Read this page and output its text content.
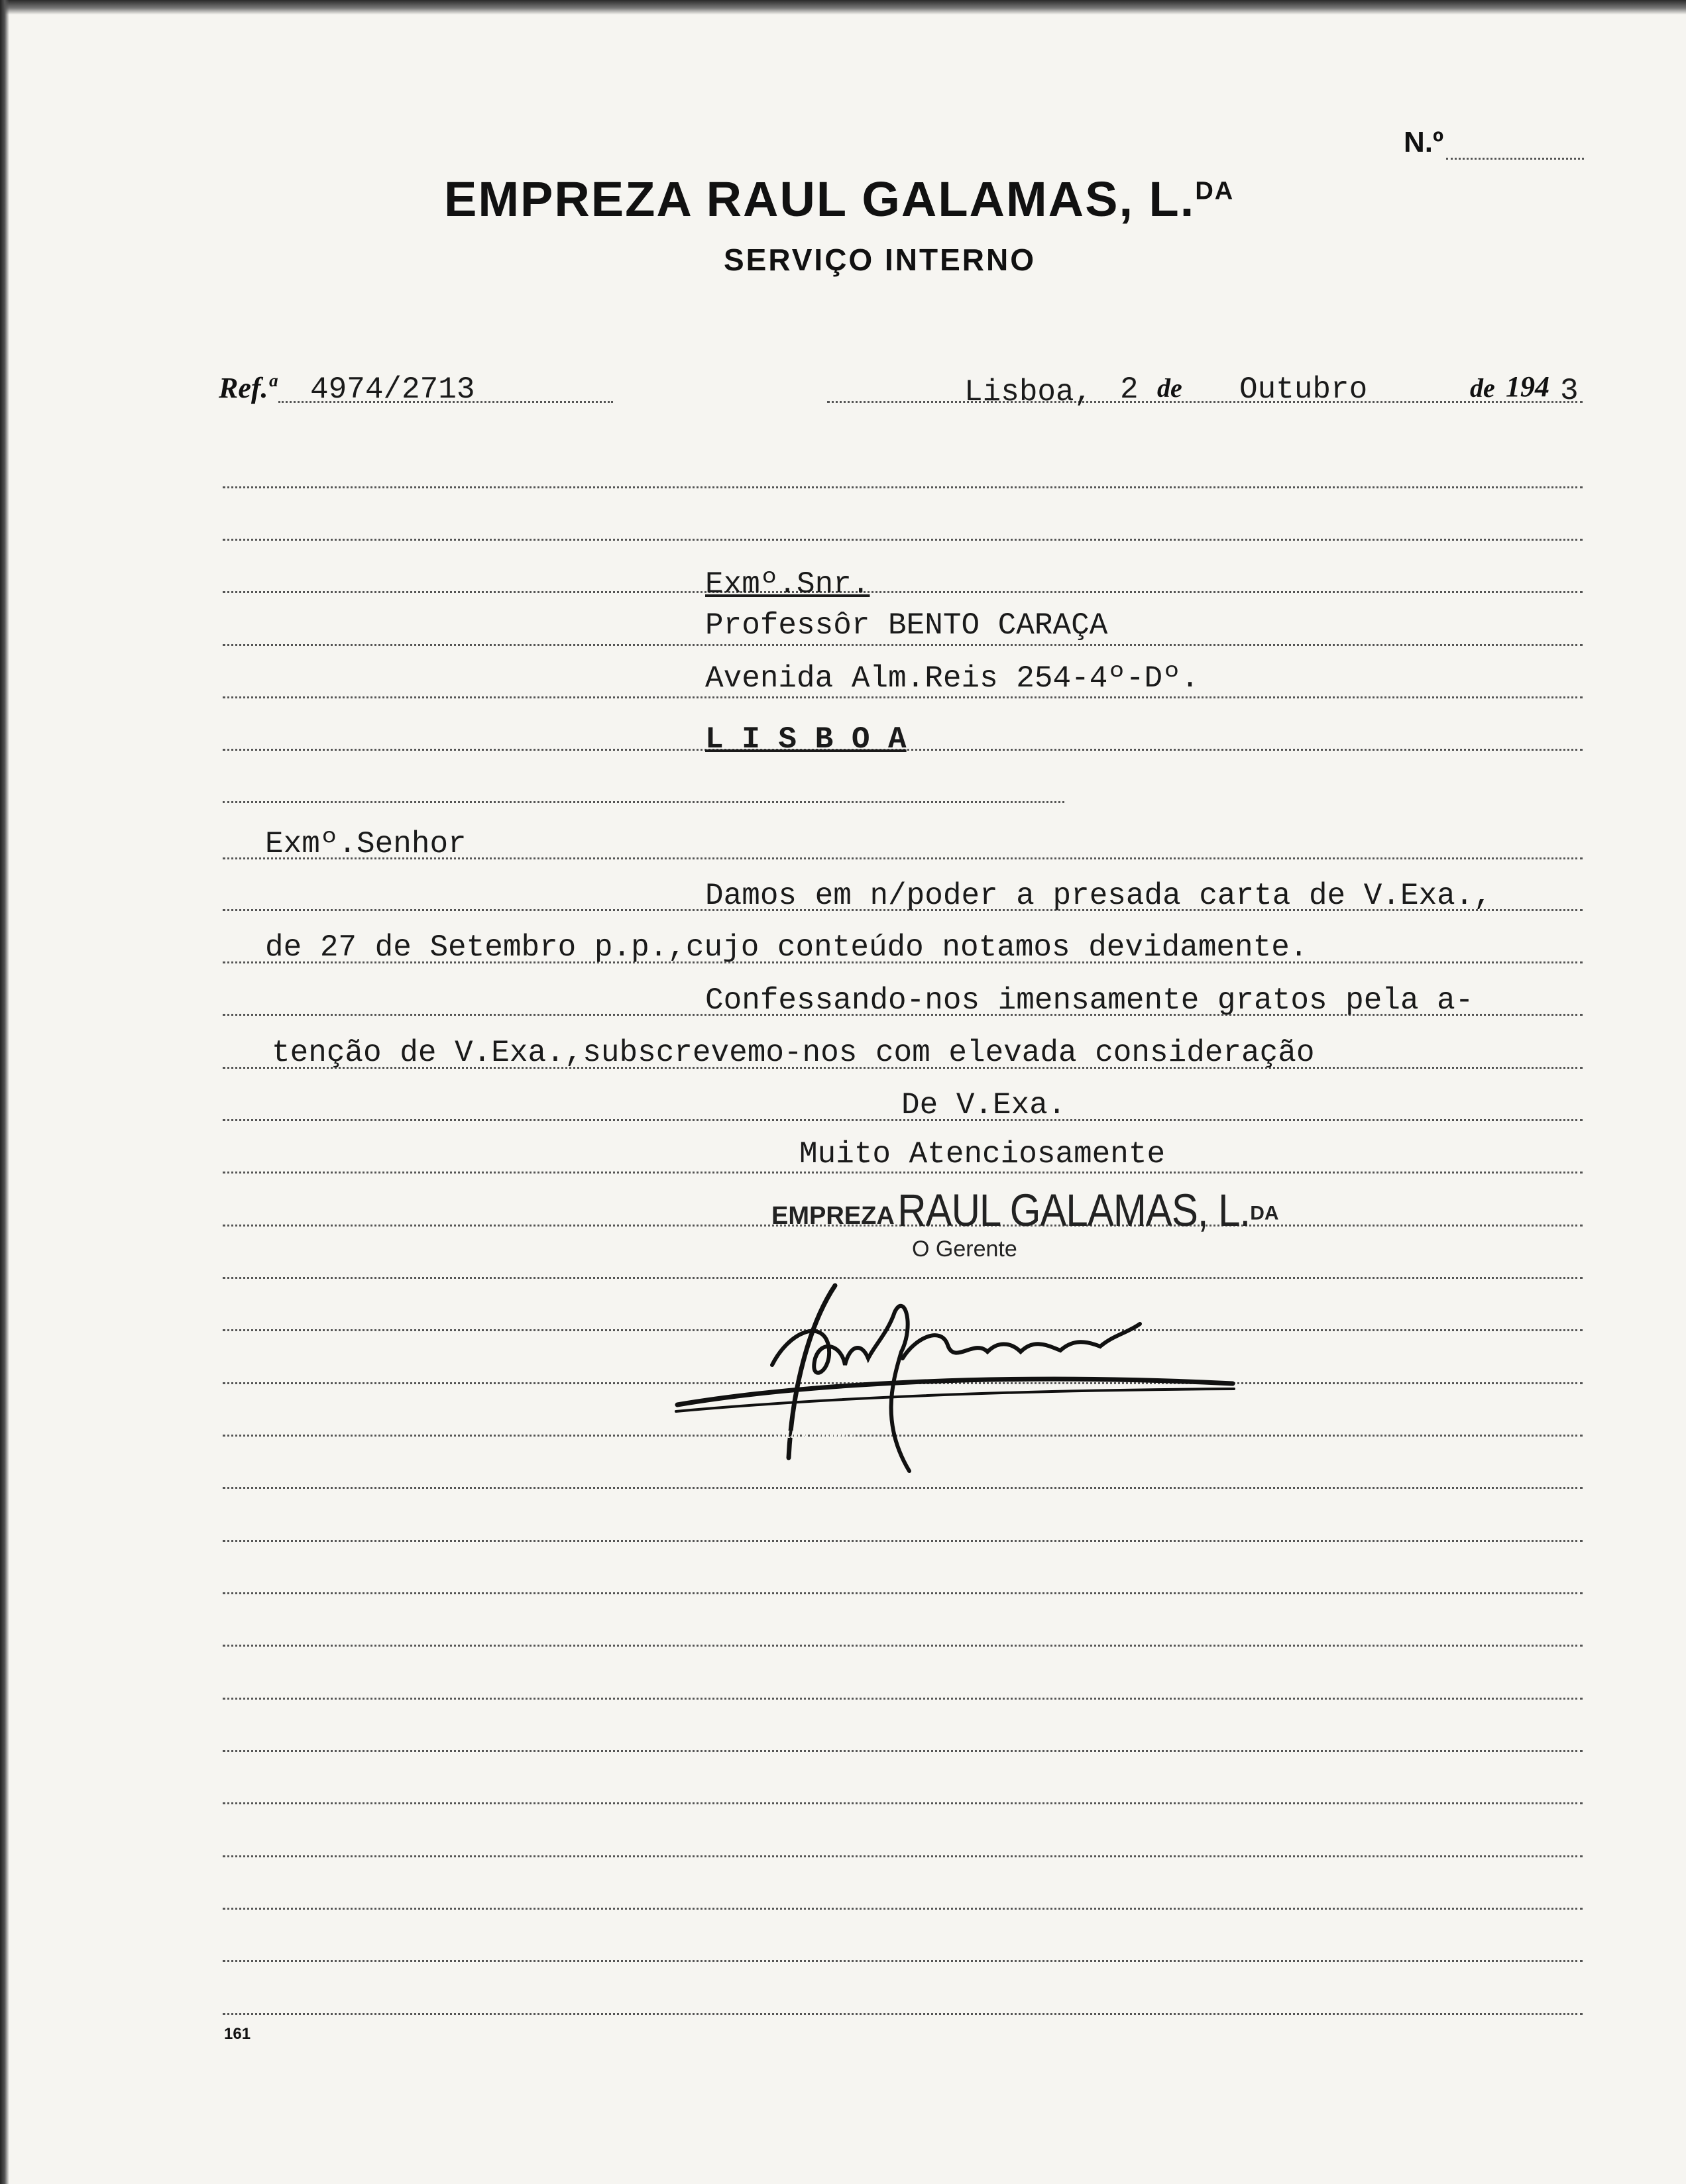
N.º
EMPREZA RAUL GALAMAS, L.$^{DA}$
SERVIÇO INTERNO
Ref.ª 4974/2713	Lisboa, 2 de Outubro	de 194 3
Exmº.Snr.
Professôr BENTO CARAÇA
Avenida Alm.Reis 254-4º-Dº.
L I S B O A
Exmº.Senhor
Damos em n/poder a presada carta de V.Exa.,
de 27 de Setembro p.p.,cujo conteúdo notamos devidamente.
Confessando-nos imensamente gratos pela a-
tenção de V.Exa.,subscrevemo-nos com elevada consideração
De V.Exa.
Muito Atenciosamente
EMPREZA RAUL GALAMAS, L.$^{DA}$
O Gerente
Raul Galamas
161
